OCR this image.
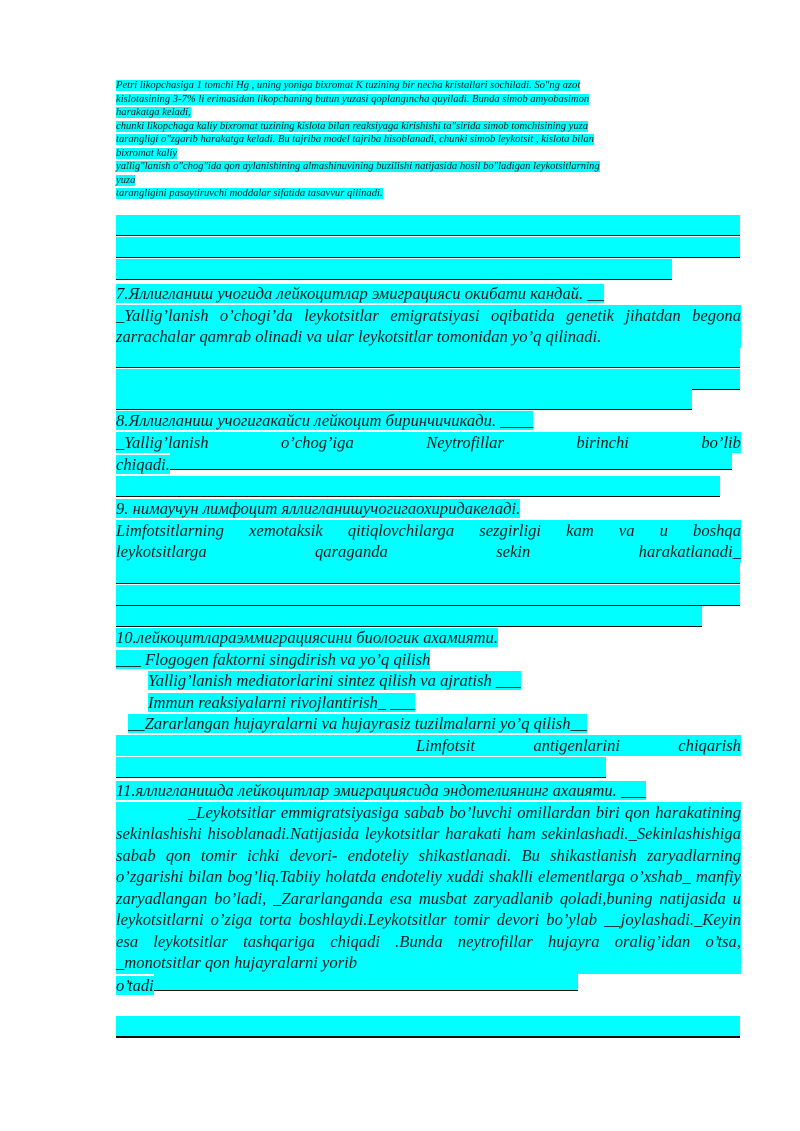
Petri likopchasiga 1 tomchi Hg , uning yoniga bixromat K tuzining bir necha kristallari sochiladi. So"ng azot
kislotasining 3-7% li erimasidan likopchaning butun yuzasi qoplangıncha quyiladi. Bunda simob amyobasimon
harakatga keladi,
chunki likopchaga kaliy bixromat tuzining kislota bilan reaksiyaga kirishishi ta"sirida simob tomchisining yuza
tarangligi o"zgarib harakatga keladi. Bu tajriba model tajriba hisoblanadi, chunki simob leykotsit , kislota bilan
bixromat kaliy
yallig"lanish o"chog"ida qon aylanishining almashinuvining buzilishi natijasida hosil bo"ladigan leykotsitlarning
yuza
tarangligini pasaytiruvchi moddalar sifatida tasavvur qilinadi.
7.Яллигланиш учогида лейкоцитлар эмиграцияси окибати кандай. __
_Yallig’lanish o’chogi’da leykotsitlar emigratsiyasi oqibatida genetik jihatdan begona zarrachalar qamrab olinadi va ular leykotsitlar tomonidan yo’q qilinadi.
8.Яллигланиш учогигакайси лейкоцит биринчичикади. ____
_Yallig’lanish	o’chog’iga	Neytrofillar	birinchi	bo’lib
chiqadi.
9. нимаучун лимфоцит яллигланишучогигаохиридакеладi.
Limfotsitlarning xemotaksik qitiqlovchilarga sezgirligi kam va u boshqa
leykotsitlarga	qaraganda	sekin	harakatlanadi_
10.лейкоцитлараэммиграциясини биологик ахамияти.
___ Flogogen faktorni singdirish va yo’q qilish
Yallig’lanish mediatorlarini sintez qilish va ajratish ___
Immun reaksiyalarni rivojlantirish_ ___
__Zararlangan hujayralarni va hujayrasiz tuzilmalarni yo’q qilish__
Limfotsit	antigenlarini	chiqarish
11.яллигланишда лейкоцитлар эмиграциясида эндотелиянинг ахаияти. ___
_Leykotsitlar emmigratsiyasiga sabab bo’luvchi omillardan biri qon harakatining sekinlashishi hisoblanadi.Natijasida leykotsitlar harakati ham sekinlashadi._Sekinlashishiga sabab qon tomir ichki devori- endoteliy shikastlanadi. Bu shikastlanish zaryadlarning o’zgarishi bilan bog’liq.Tabiiy holatda endoteliy xuddi shaklli elementlarga o’xshab_ manfiy zaryadlangan bo’ladi, _Zararlanganda esa musbat zaryadlanib qoladi,buning natijasida u leykotsitlarni o’ziga torta boshlaydi.Leykotsitlar tomir devori bo’ylab __joylashadi._Keyin esa leykotsitlar tashqariga chiqadi .Bunda neytrofillar hujayra oralig’idan o’tsa, _monotsitlar qon hujayralarni yorib
o’tadi
